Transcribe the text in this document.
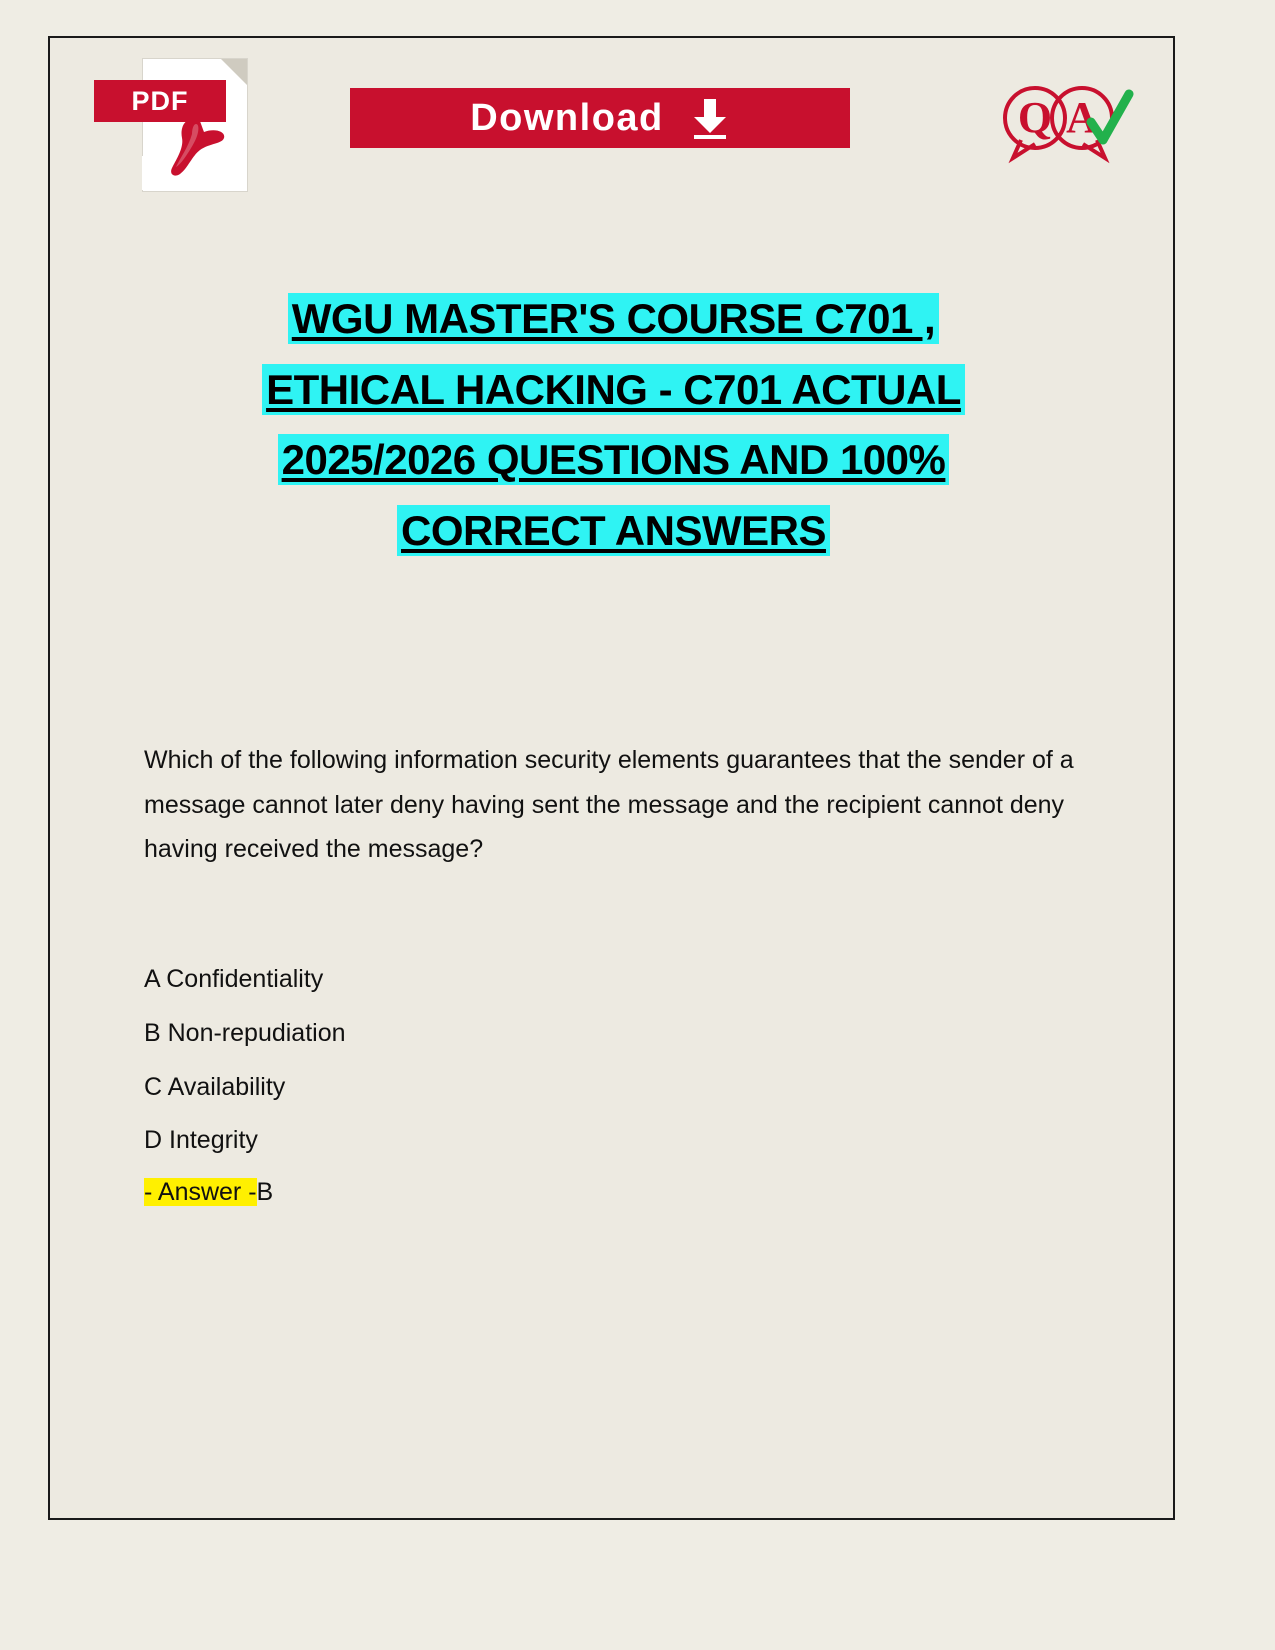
PDF	Download	Q A
WGU MASTER'S COURSE C701 ,
ETHICAL HACKING - C701 ACTUAL
2025/2026 QUESTIONS AND 100%
CORRECT ANSWERS
Which of the following information security elements guarantees that the sender of a message cannot later deny having sent the message and the recipient cannot deny having received the message?
A Confidentiality
B Non-repudiation
C Availability
D Integrity
- Answer -B
